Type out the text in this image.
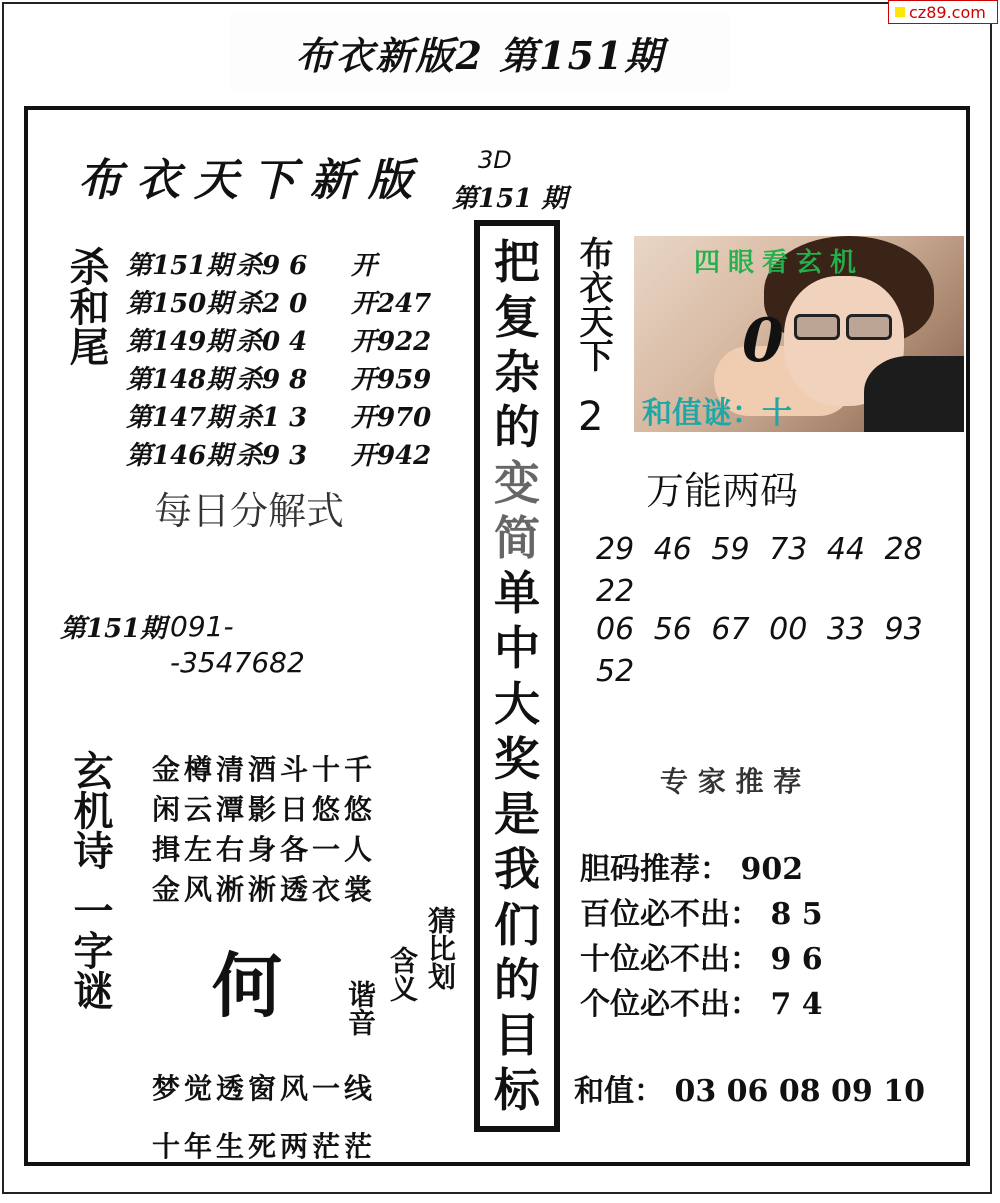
布衣新版2 第151期
cz89.com
布衣天下新版 3D
第151 期
杀和尾 第151期 杀9 6	开
第150期 杀2 0	开247
第149期 杀0 4	开922
第148期 杀9 8	开959
第147期 杀1 3	开970
第146期 杀9 3	开942
每日分解式
第151期 091-
-3547682
玄机诗
一字谜
金樽清酒斗十千
闲云潭影日悠悠
揖左右身各一人
金风淅淅透衣裳
何	猜比划
含义
谐音
梦觉透窗风一线
十年生死两茫茫
把
复
杂
的
变
简
单
中
大
奖
是
我
们
的
目
标
布衣天下
2
四眼看玄机
0
和值谜：十
万能两码
29 46 59 73 44 28
22
06 56 67 00 33 93
52
专 家 推 荐
胆码推荐： 902
百位必不出： 8 5
十位必不出： 9 6
个位必不出： 7 4
和值： 03 06 08 09 10
